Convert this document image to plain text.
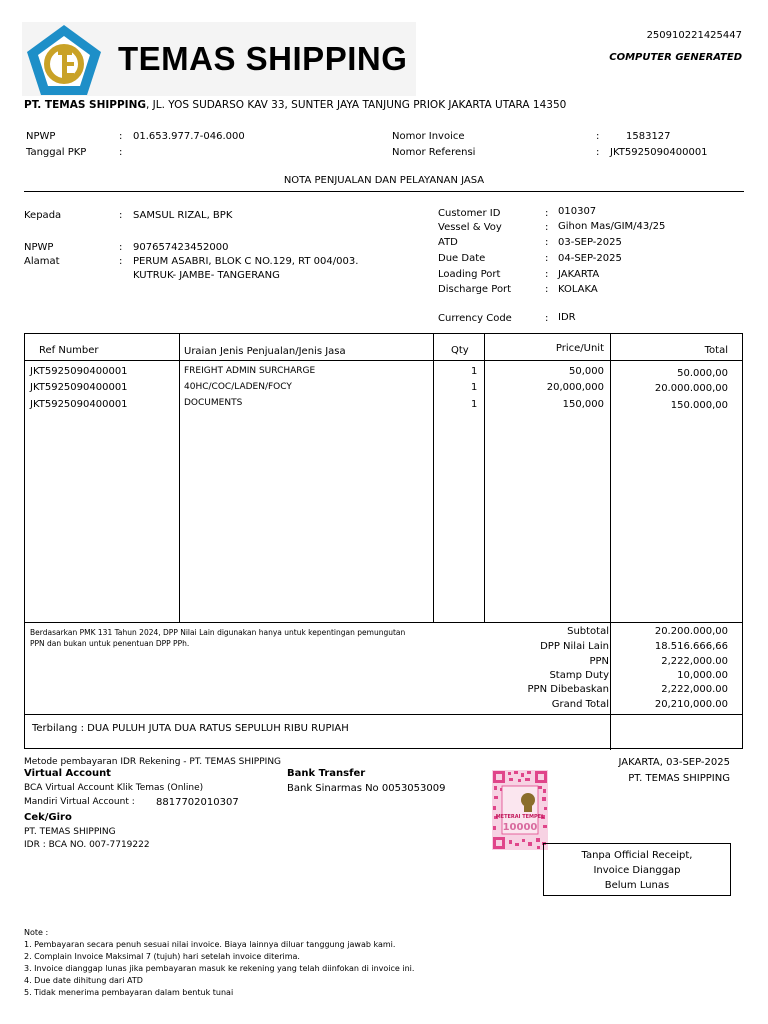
TEMAS SHIPPING
250910221425447
COMPUTER GENERATED
PT. TEMAS SHIPPING, JL. YOS SUDARSO KAV 33, SUNTER JAYA TANJUNG PRIOK JAKARTA UTARA 14350
NPWP	: 01.653.977.7-046.000
Tanggal PKP	:
Nomor Invoice	:	1583127
Nomor Referensi	: JKT5925090400001
NOTA PENJUALAN DAN PELAYANAN JASA
Kepada	: SAMSUL RIZAL, BPK
NPWP	: 907657423452000
Alamat	: PERUM ASABRI, BLOK C NO.129, RT 004/003.
KUTRUK- JAMBE- TANGERANG
Customer ID	: 010307
Vessel & Voy	: Gihon Mas/GIM/43/25
ATD	: 03-SEP-2025
Due Date	: 04-SEP-2025
Loading Port	: JAKARTA
Discharge Port	: KOLAKA
Currency Code	: IDR
Ref Number	Uraian Jenis Penjualan/Jenis Jasa	Qty	Price/Unit	Total
JKT5925090400001	FREIGHT ADMIN SURCHARGE	1	50,000	50.000,00
JKT5925090400001	40HC/COC/LADEN/FOCY	1	20,000,000	20.000.000,00
JKT5925090400001	DOCUMENTS	1	150,000	150.000,00
Berdasarkan PMK 131 Tahun 2024, DPP Nilai Lain digunakan hanya untuk kepentingan pemungutan
PPN dan bukan untuk penentuan DPP PPh.
Subtotal	20.200.000,00
DPP Nilai Lain	18.516.666,66
PPN	2,222,000.00
Stamp Duty	10,000.00
PPN Dibebaskan	2,222,000.00
Grand Total	20,210,000.00
Terbilang : DUA PULUH JUTA DUA RATUS SEPULUH RIBU RUPIAH
Metode pembayaran IDR Rekening - PT. TEMAS SHIPPING
Virtual Account
BCA Virtual Account Klik Temas (Online)
Mandiri Virtual Account : 8817702010307
Cek/Giro
PT. TEMAS SHIPPING
IDR : BCA NO. 007-7719222
Bank Transfer
Bank Sinarmas No 0053053009
JAKARTA, 03-SEP-2025
PT. TEMAS SHIPPING
METERAI TEMPEL
10000
Tanpa Official Receipt,
Invoice Dianggap
Belum Lunas
Note :
1. Pembayaran secara penuh sesuai nilai invoice. Biaya lainnya diluar tanggung jawab kami.
2. Complain Invoice Maksimal 7 (tujuh) hari setelah invoice diterima.
3. Invoice dianggap lunas jika pembayaran masuk ke rekening yang telah diinfokan di invoice ini.
4. Due date dihitung dari ATD
5. Tidak menerima pembayaran dalam bentuk tunai
